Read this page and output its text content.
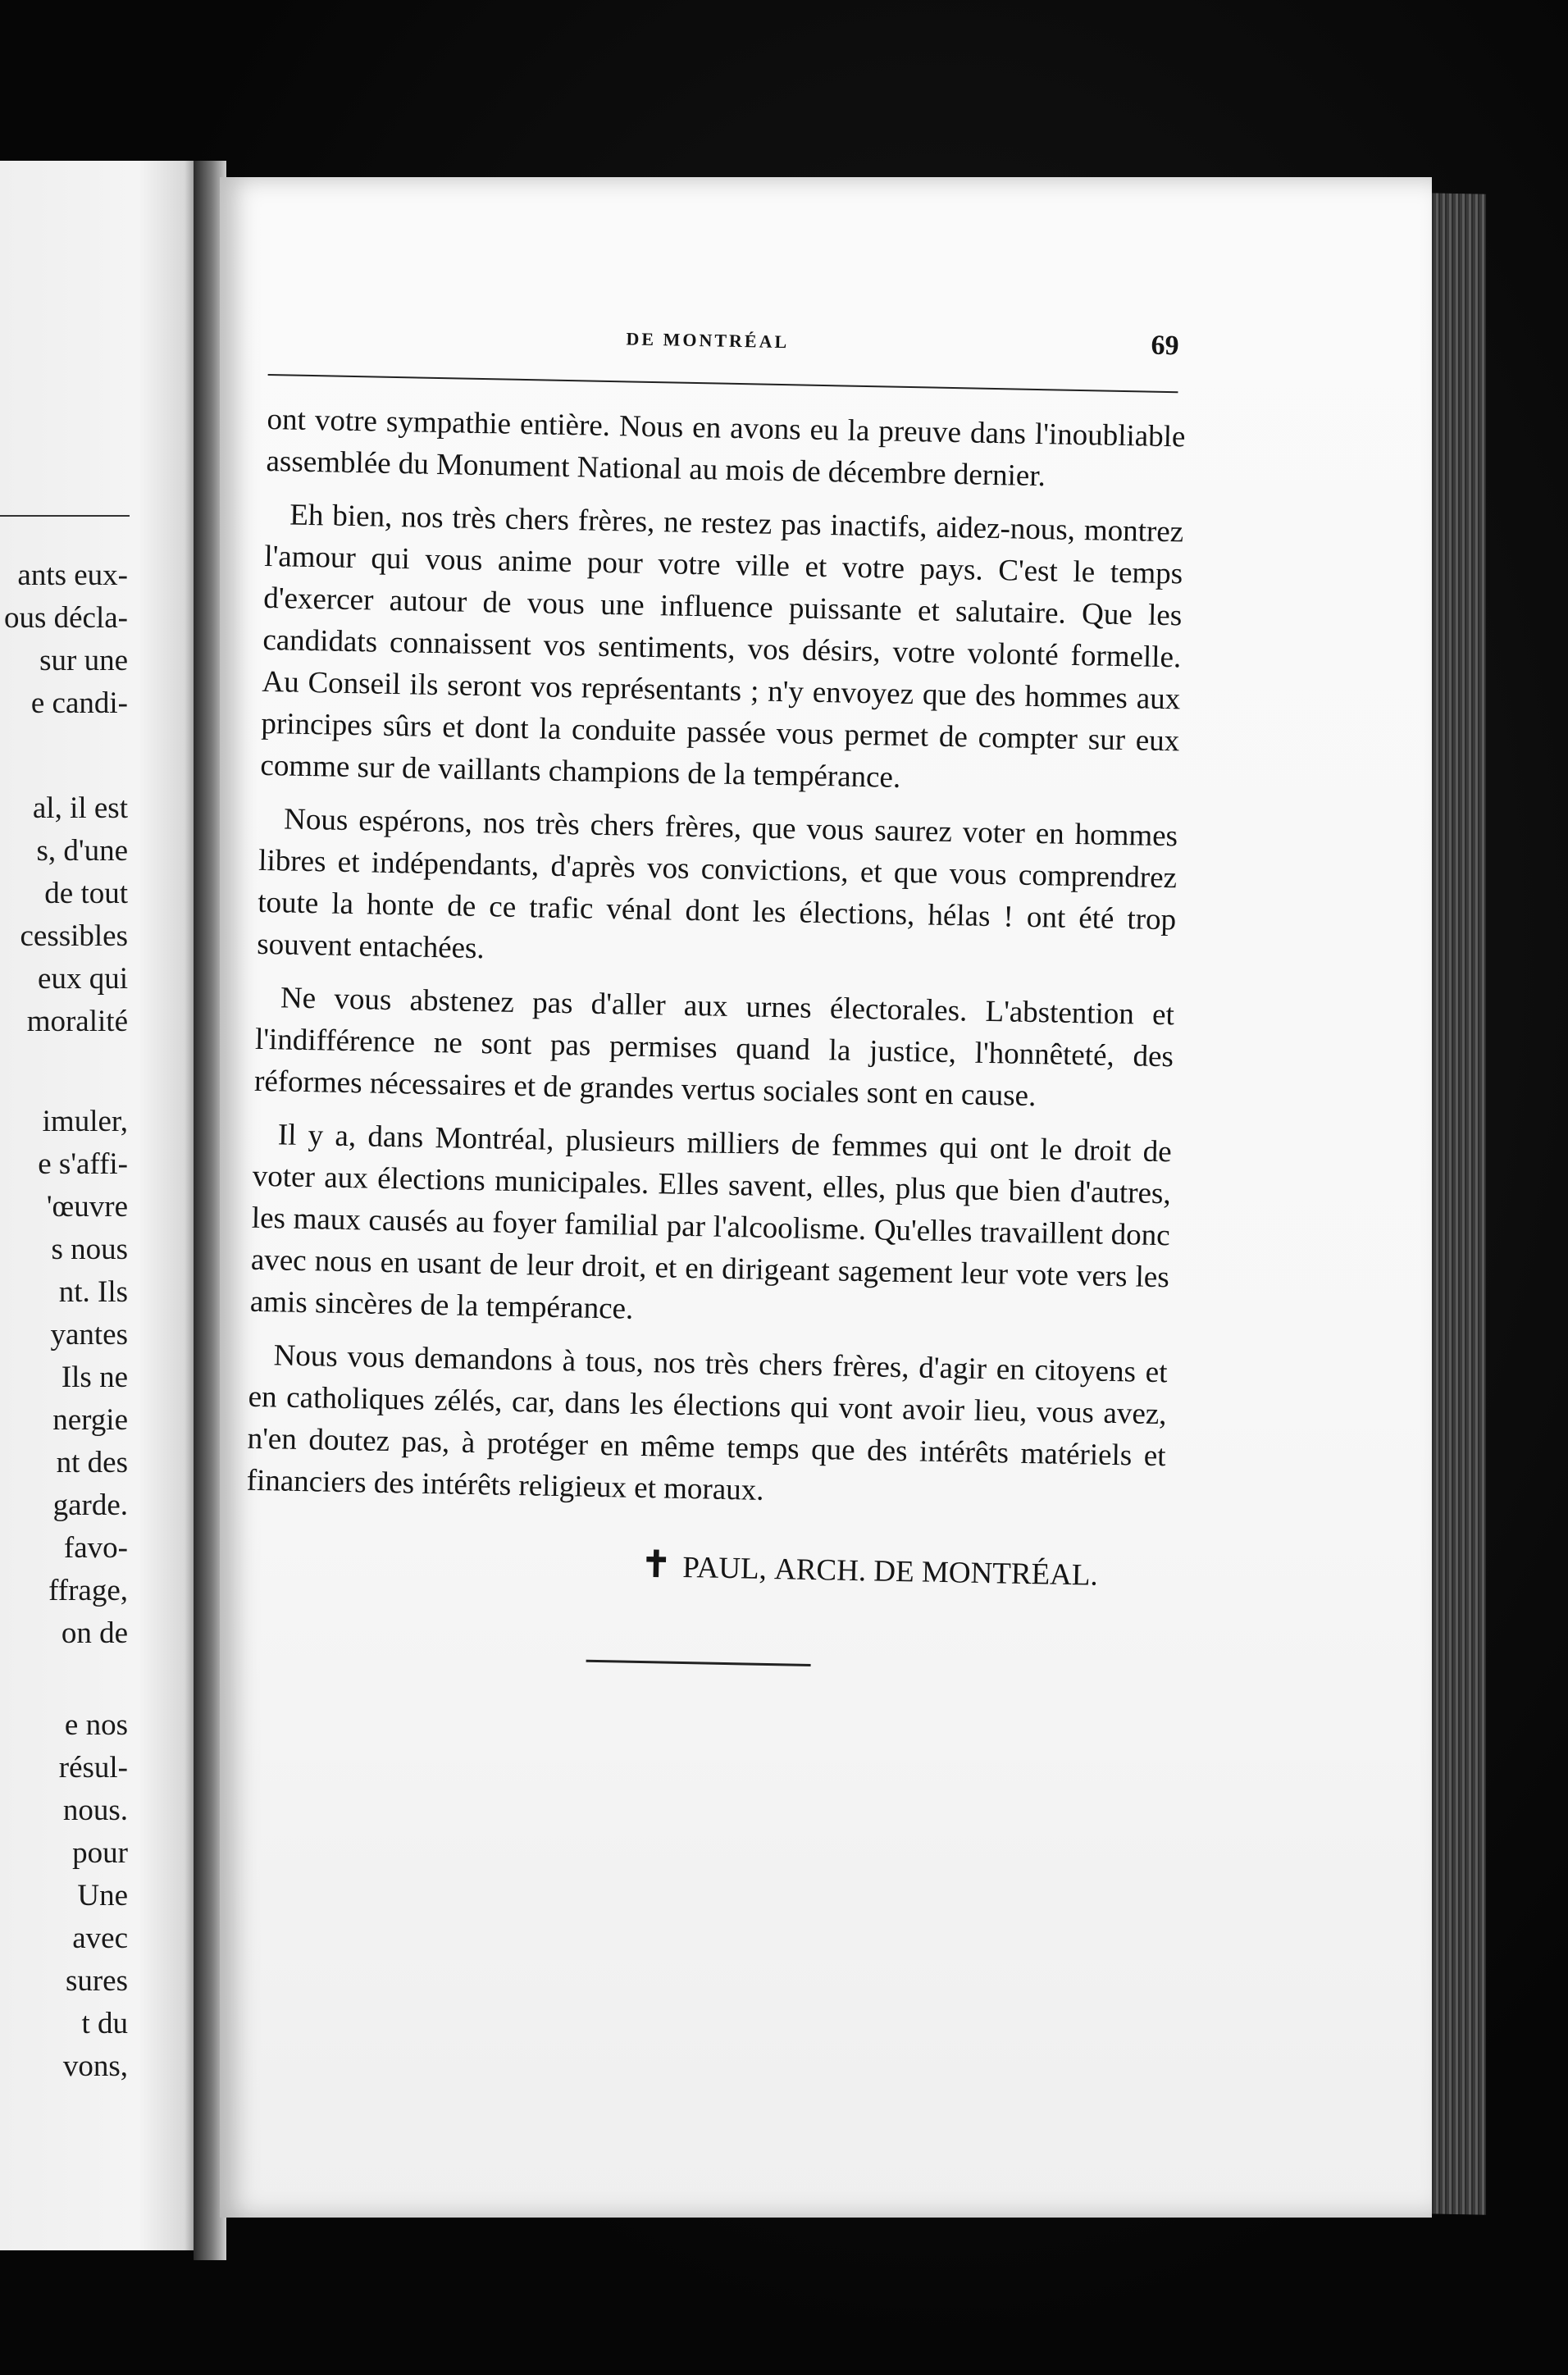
ants eux-
ous décla-
sur une
e candi-
al, il est
s, d'une
de tout
cessibles
eux qui
moralité
imuler,
e s'affi-
'œuvre
s nous
nt. Ils
yantes
Ils ne
nergie
nt des
garde.
favo-
ffrage,
on de
e nos
résul-
nous.
pour
Une
avec
sures
t du
vons,
DE MONTRÉAL	69

ont votre sympathie entière. Nous en avons eu la preuve dans l'inoubliable assemblée du Monument National au mois de décembre dernier.

Eh bien, nos très chers frères, ne restez pas inactifs, aidez-nous, montrez l'amour qui vous anime pour votre ville et votre pays. C'est le temps d'exercer autour de vous une influence puissante et salutaire. Que les candidats connaissent vos sentiments, vos désirs, votre volonté formelle. Au Conseil ils seront vos représentants ; n'y envoyez que des hommes aux principes sûrs et dont la conduite passée vous permet de compter sur eux comme sur de vaillants champions de la tempérance.

Nous espérons, nos très chers frères, que vous saurez voter en hommes libres et indépendants, d'après vos convictions, et que vous comprendrez toute la honte de ce trafic vénal dont les élections, hélas ! ont été trop souvent entachées.

Ne vous abstenez pas d'aller aux urnes électorales. L'abstention et l'indifférence ne sont pas permises quand la justice, l'honnêteté, des réformes nécessaires et de grandes vertus sociales sont en cause.

Il y a, dans Montréal, plusieurs milliers de femmes qui ont le droit de voter aux élections municipales. Elles savent, elles, plus que bien d'autres, les maux causés au foyer familial par l'alcoolisme. Qu'elles travaillent donc avec nous en usant de leur droit, et en dirigeant sagement leur vote vers les amis sincères de la tempérance.

Nous vous demandons à tous, nos très chers frères, d'agir en citoyens et en catholiques zélés, car, dans les élections qui vont avoir lieu, vous avez, n'en doutez pas, à protéger en même temps que des intérêts matériels et financiers des intérêts religieux et moraux.

✝ PAUL, ARCH. DE MONTRÉAL.
